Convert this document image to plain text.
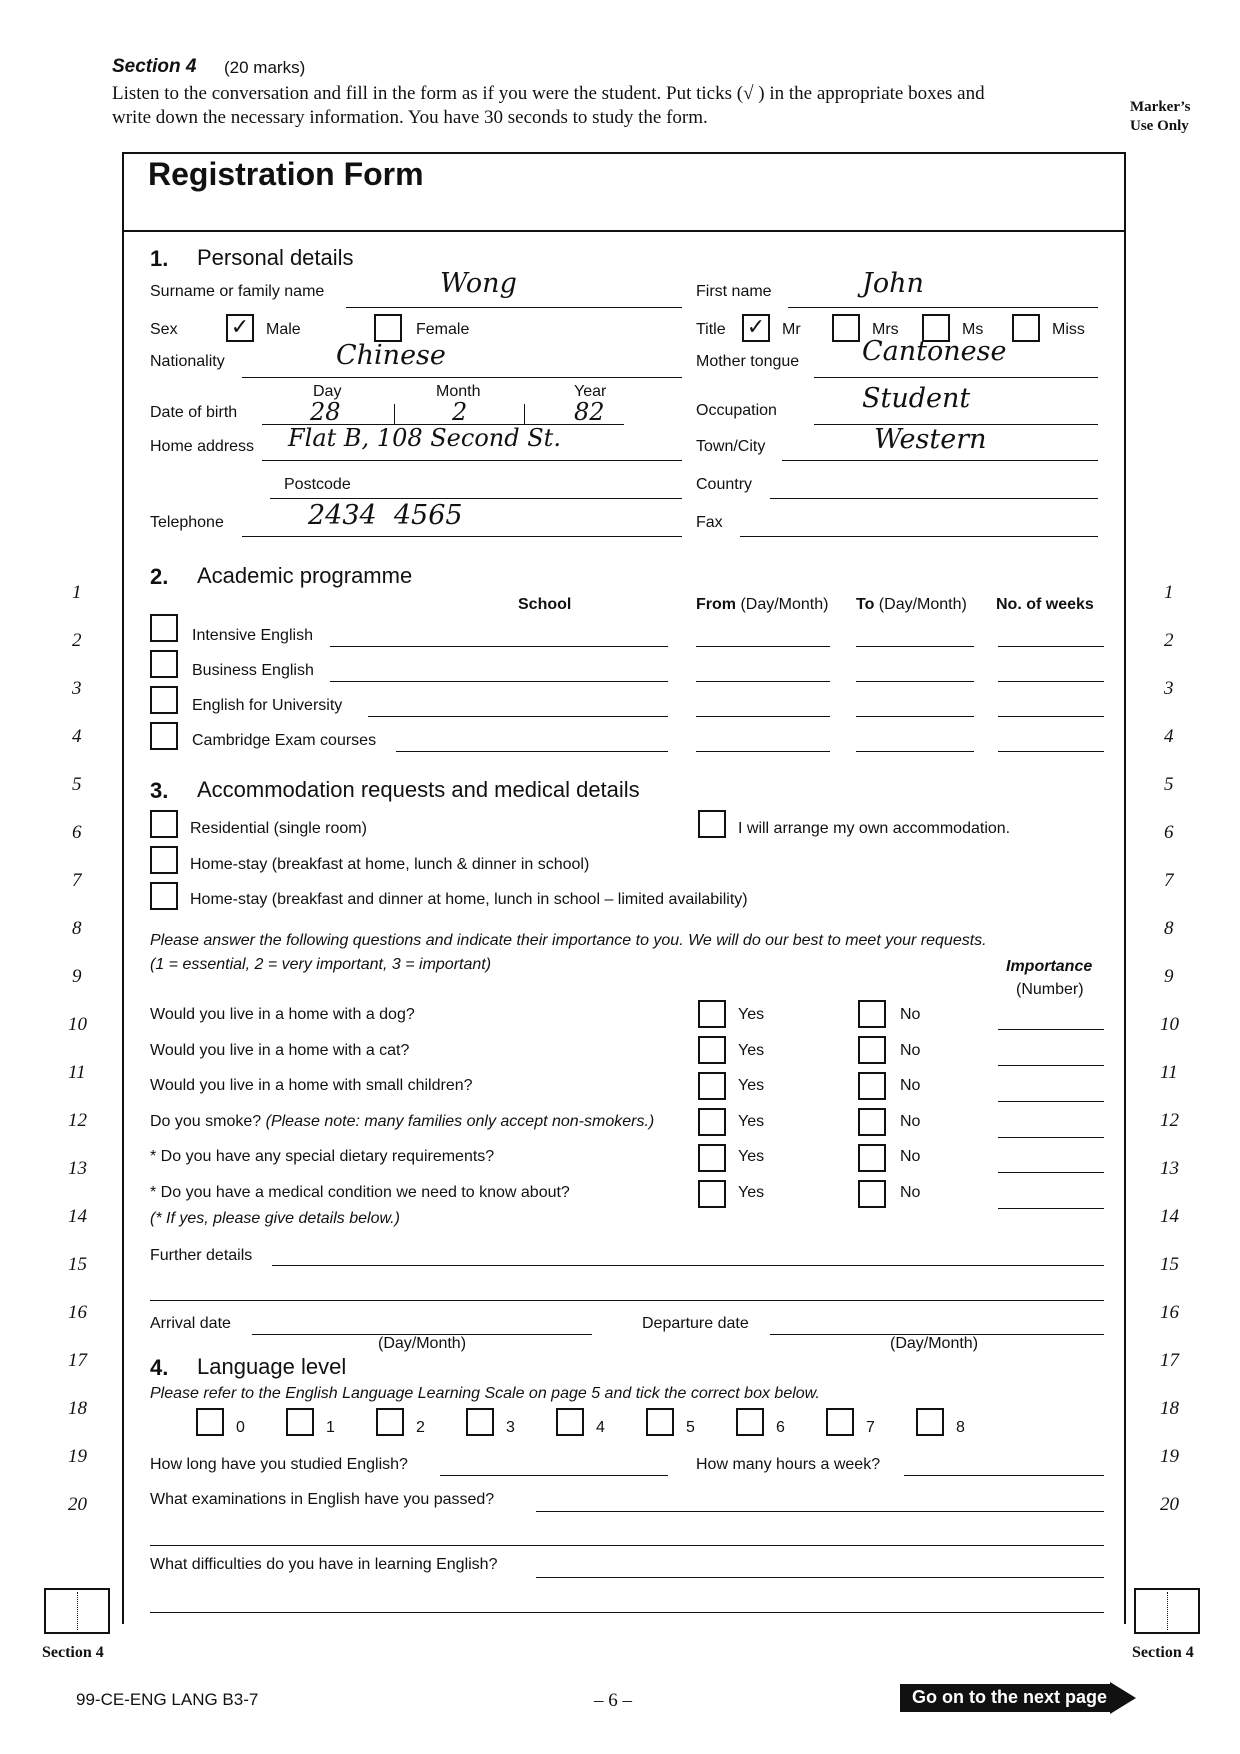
Section 4 (20 marks)
Listen to the conversation and fill in the form as if you were the student. Put ticks (√ ) in the appropriate boxes and
write down the necessary information. You have 30 seconds to study the form.	Marker’s
Use Only
Registration Form
1. Personal details
Surname or family name	Wong	First name	John
Sex ✓ Male	Female	Title ✓ Mr	Mrs	Ms	Miss
Nationality	Chinese	Mother tongue Cantonese
Day	Month	Year
Date of birth	28	2	82	Occupation	Student
Home address Flat B, 108 Second St.	Town/City	Western
Postcode	Country
Telephone	2434  4565	Fax
2. Academic programme
School	From (Day/Month) To (Day/Month) No. of weeks
Intensive English
Business English
English for University
Cambridge Exam courses
3. Accommodation requests and medical details
Residential (single room)	I will arrange my own accommodation.
Home-stay (breakfast at home, lunch & dinner in school)
Home-stay (breakfast and dinner at home, lunch in school – limited availability)
Please answer the following questions and indicate their importance to you. We will do our best to meet your requests.
(1 = essential, 2 = very important, 3 = important)	Importance
(Number)
Would you live in a home with a dog?	Yes	No
Would you live in a home with a cat?	Yes	No
Would you live in a home with small children?	Yes	No
Do you smoke? (Please note: many families only accept non-smokers.)	Yes	No
* Do you have any special dietary requirements?	Yes	No
* Do you have a medical condition we need to know about?	Yes	No
(* If yes, please give details below.)
Further details
Arrival date
(Day/Month)
Departure date
(Day/Month)
4. Language level
Please refer to the English Language Learning Scale on page 5 and tick the correct box below.
0	1	2	3	4	5	6	7	8
How long have you studied English?	How many hours a week?
What examinations in English have you passed?
What difficulties do you have in learning English?
1
2
3
4
5
6
7
8
9
10
11
12
13
14
15
16
17
18
19
20
1
2
3
4
5
6
7
8
9
10
11
12
13
14
15
16
17
18
19
20
Section 4	Section 4
99-CE-ENG LANG B3-7	– 6 –	Go on to the next page
